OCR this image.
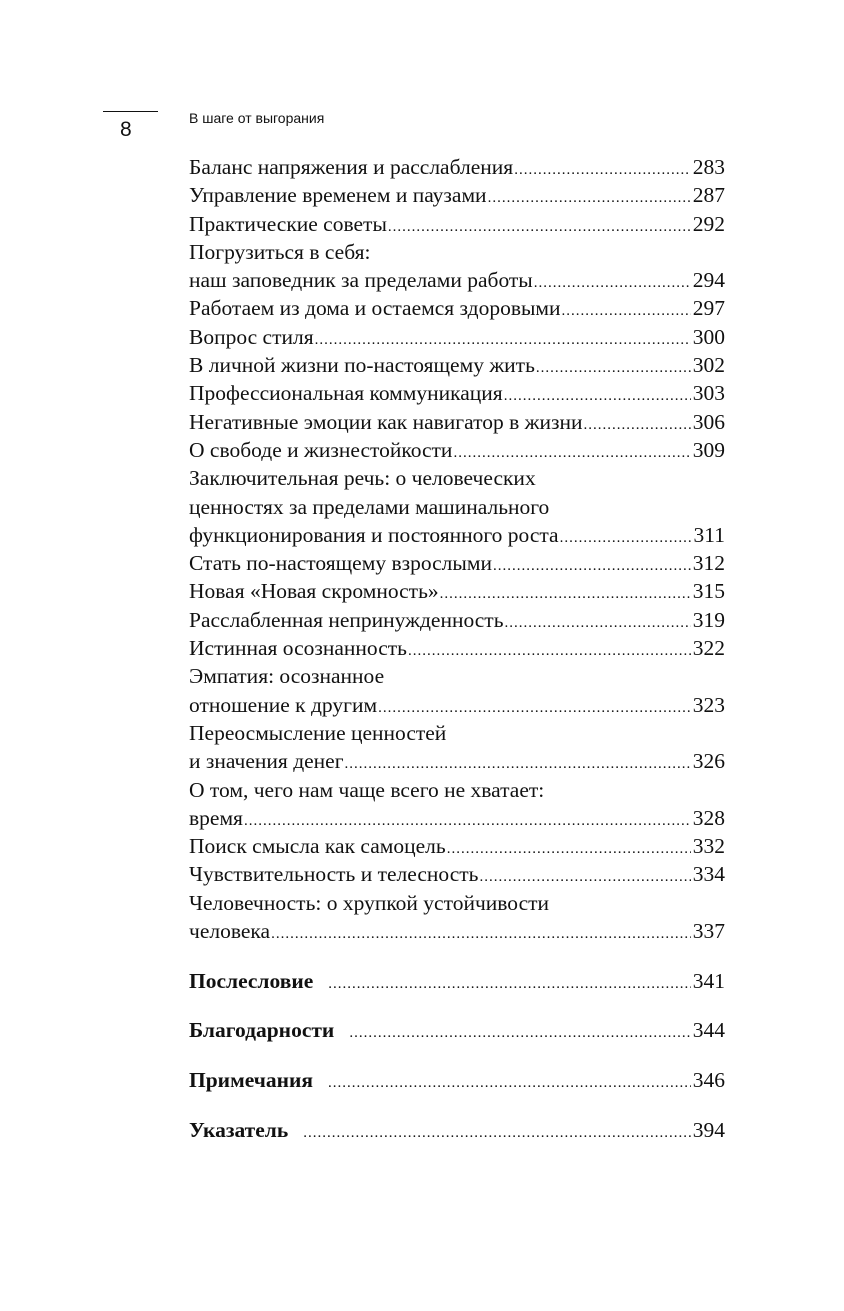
8	В шаге от выгорания
Баланс напряжения и расслабления .....	283
Управление временем и паузами .....	287
Практические советы .....	292
Погрузиться в себя:
наш заповедник за пределами работы .....	294
Работаем из дома и остаемся здоровыми .....	297
Вопрос стиля .....	300
В личной жизни по-настоящему жить .....	302
Профессиональная коммуникация .....	303
Негативные эмоции как навигатор в жизни .....	306
О свободе и жизнестойкости .....	309
Заключительная речь: о человеческих
ценностях за пределами машинального
функционирования и постоянного роста .....	311
Стать по-настоящему взрослыми .....	312
Новая «Новая скромность» .....	315
Расслабленная непринужденность .....	319
Истинная осознанность .....	322
Эмпатия: осознанное
отношение к другим .....	323
Переосмысление ценностей
и значения денег .....	326
О том, чего нам чаще всего не хватает:
время .....	328
Поиск смысла как самоцель .....	332
Чувствительность и телесность .....	334
Человечность: о хрупкой устойчивости
человека .....	337
Послесловие .....	341
Благодарности .....	344
Примечания .....	346
Указатель .....	394
